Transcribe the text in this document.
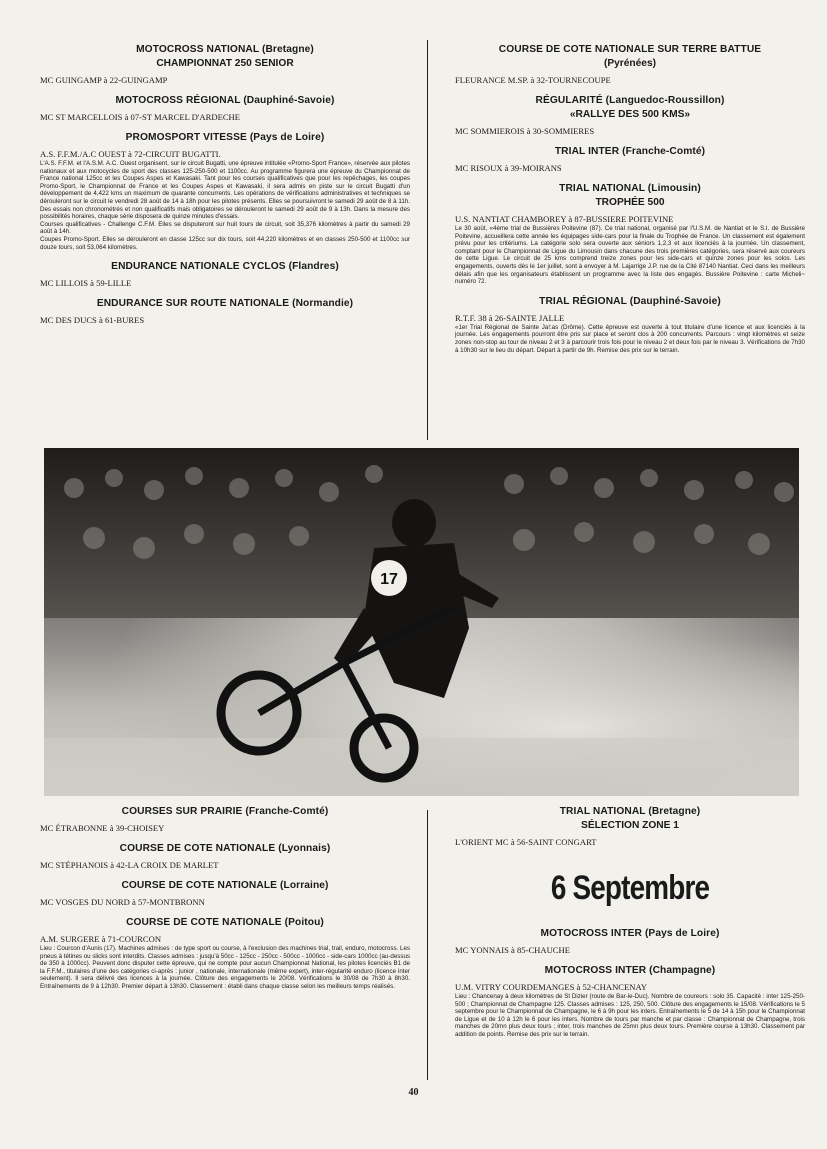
MOTOCROSS NATIONAL (Bretagne)
CHAMPIONNAT 250 SENIOR
MC GUINGAMP à 22-GUINGAMP
MOTOCROSS RÉGIONAL (Dauphiné-Savoie)
MC ST MARCELLOIS à 07-ST MARCEL D'ARDECHE
PROMOSPORT VITESSE (Pays de Loire)
A.S. F.F.M./A.C OUEST à 72-CIRCUIT BUGATTI.

L'A.S. F.F.M. et l'A.S.M. A.C. Ouest organisent, sur le circuit Bugatti, une épreuve intitulée «Promo-Sport France», réservée aux pilotes nationaux et aux motocycles de sport des classes 125-250-500 et 1100cc. Au programme figurera une épreuve du Championnat de France national 125cc et les Coupes Aspes et Kawasaki. Tant pour les courses qualificatives que pour les repêchages, les coupes Promo-Sport, le Championnat de France et les Coupes Aspes et Kawasaki, il sera admis en piste sur le circuit Bugatti d'un développement de 4,422 kms un maximum de quarante concurrents. Les opérations de vérifications administratives et techniques se dérouleront sur le circuit le vendredi 28 août de 14 à 18h pour les pilotes présents. Elles se poursuivront le samedi 29 août de 8 à 11h. Des essais non chronométrés et non qualificatifs mais obligatoires se dérouleront le samedi 29 août de 9 à 13h. Dans la mesure des possibilités horaires, chaque série disposera de quinze minutes d'essais.

Courses qualificatives - Challenge C.F.M. Elles se disputeront sur huit tours de circuit, soit 35,376 kilomètres à partir du samedi 29 août à 14h.

Coupes Promo-Sport. Elles se dérouleront en classe 125cc sur dix tours, soit 44,220 kilomètres et en classes 250-500 et 1100cc sur douze tours, soit 53,064 kilomètres.

ENDURANCE NATIONALE CYCLOS (Flandres)
MC LILLOIS à 59-LILLE
ENDURANCE SUR ROUTE NATIONALE (Normandie)
MC DES DUCS à 61-BURES
COURSE DE COTE NATIONALE SUR TERRE BATTUE
(Pyrénées)
FLEURANCE M.SP. à 32-TOURNECOUPE
RÉGULARITÉ (Languedoc-Roussillon)
«RALLYE DES 500 KMS»
MC SOMMIEROIS à 30-SOMMIERES
TRIAL INTER (Franche-Comté)
MC RISOUX à 39-MOIRANS
TRIAL NATIONAL (Limousin)
TROPHÉE 500
U.S. NANTIAT CHAMBOREY à 87-BUSSIERE POITEVINE

Le 30 août, «4ème trial de Bussières Poitevine (87). Ce trial national, organisé par l'U.S.M. de Nantiat et le S.I. de Bussière Poitevine, accueillera cette année les équipages side-cars pour la finale du Trophée de France. Un classement est également prévu pour les critériums. La catégorie solo sera ouverte aux séniors 1,2,3 et aux licenciés à la journée. Un classement, comptant pour le Championnat de Ligue du Limousin dans chacune des trois premières catégories, sera réservé aux coureurs de cette Ligue. Le circuit de 25 kms comprend treize zones pour les side-cars et quinze zones pour les solos. Les engagements, ouverts dès le 1er juillet, sont à envoyer à M. Lajarrige J.P. rue de la Cité 87140 Nantiat. Ceci dans les meilleurs délais afin que les organisateurs établissent un programme avec la liste des engagés. Bussière Poitevine : carte Micheli~ numéro 72.

TRIAL RÉGIONAL (Dauphiné-Savoie)
R.T.F. 38 à 26-SAINTE JALLE

«1er Trial Régional de Sainte Ja!:as (Drôme). Cette épreuve est ouverte à tout titulaire d'une licence et aux licenciés à la journée. Les engagements pourront être pris sur place et seront clos à 200 concurrents. Parcours : vingt kilomètres et seize zones non-stop au tour de niveau 2 et 3 à parcourir trois fois pour le niveau 2 et deux fois par le niveau 3. Vérifications de 7h30 à 10h30 sur le lieu du départ. Départ à partir de 9h. Remise des prix sur le terrain.

17
COURSES SUR PRAIRIE (Franche-Comté)
MC ÉTRABONNE à 39-CHOISEY
COURSE DE COTE NATIONALE (Lyonnais)
MC STÉPHANOIS à 42-LA CROIX DE MARLET
COURSE DE COTE NATIONALE (Lorraine)
MC VOSGES DU NORD à 57-MONTBRONN
COURSE DE COTE NATIONALE (Poitou)
A.M. SURGERE à 71-COURCON

Lieu : Courcon d'Aunis (17). Machines admises : de type sport ou course, à l'exclusion des machines trial, trail, enduro, motocross. Les pneus à tétines ou slicks sont interdits. Classes admises : jusqu'à 50cc - 125cc - 250cc - 500cc - 1000cc - side-cars 1000cc (au-dessus de 350 à 1000cc). Peuvent donc disputer cette épreuve, qui ne compte pour aucun Championnat National, les pilotes licenciés B1 de la F.F.M., titulaires d'une des catégories ci-après : junior , nationale, internationale (même expert), inter-régularité enduro (licence inter seulement). Il sera délivré des licences à la journée. Clôture des engagements le 20/08. Vérifications le 30/08 de 7h30 à 8h30. Entraînements de 9 à 12h30. Premier départ à 13h30. Classement : établi dans chaque classe selon les meilleurs temps réalisés.

TRIAL NATIONAL (Bretagne)
SÉLECTION ZONE 1
L'ORIENT MC à 56-SAINT CONGART
6 Septembre
MOTOCROSS INTER (Pays de Loire)
MC YONNAIS à 85-CHAUCHE
MOTOCROSS INTER (Champagne)
U.M. VITRY COURDEMANGES à 52-CHANCENAY

Lieu : Chancenay à deux kilomètres de St Dizier (route de Bar-le-Duc). Nombre de coureurs : solo 35. Capacité : inter 125-250-500 ; Championnat de Champagne 125. Classes admises : 125, 250, 500. Clôture des engagements le 15/08. Vérifications le 5 septembre pour le Championnat de Champagne, le 6 à 9h pour les inters. Entraînements le 5 de 14 à 15h pour le Championnat de Ligue et de 10 à 12h le 6 pour les inters. Nombre de tours par manche et par classe : Championnat de Champagne, trois manches de 20mn plus deux tours ; inter, trois manches de 25mn plus deux tours. Première course à 13h30. Classement par addition de points. Remise des prix sur le terrain.

40
